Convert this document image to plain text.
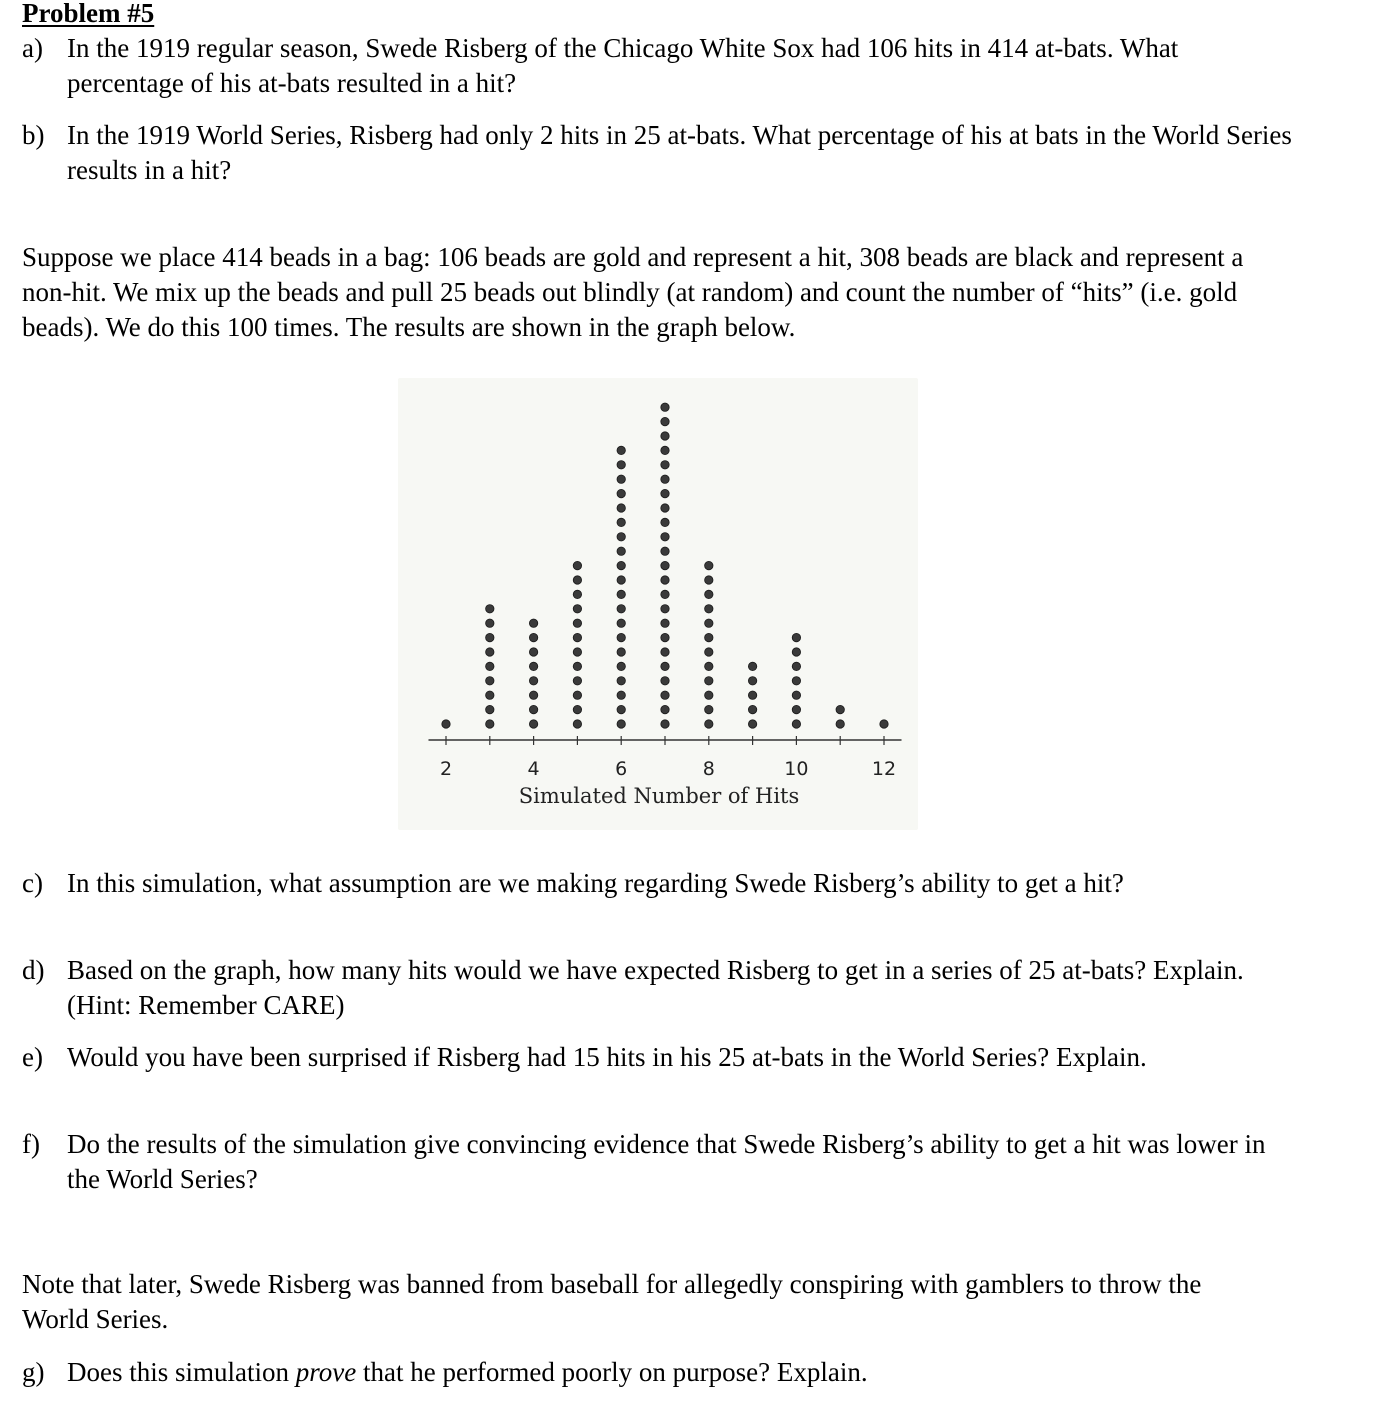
Problem #5
a) In the 1919 regular season, Swede Risberg of the Chicago White Sox had 106 hits in 414 at-bats. What percentage of his at-bats resulted in a hit?
b) In the 1919 World Series, Risberg had only 2 hits in 25 at-bats. What percentage of his at bats in the World Series results in a hit?
Suppose we place 414 beads in a bag: 106 beads are gold and represent a hit, 308 beads are black and represent a non-hit. We mix up the beads and pull 25 beads out blindly (at random) and count the number of “hits” (i.e. gold beads). We do this 100 times. The results are shown in the graph below.
2	4	6	8	10	12
Simulated Number of Hits
c) In this simulation, what assumption are we making regarding Swede Risberg’s ability to get a hit?
d) Based on the graph, how many hits would we have expected Risberg to get in a series of 25 at-bats? Explain. (Hint: Remember CARE)
e) Would you have been surprised if Risberg had 15 hits in his 25 at-bats in the World Series? Explain.
f) Do the results of the simulation give convincing evidence that Swede Risberg’s ability to get a hit was lower in the World Series?
Note that later, Swede Risberg was banned from baseball for allegedly conspiring with gamblers to throw the World Series.
g) Does this simulation prove that he performed poorly on purpose? Explain.
